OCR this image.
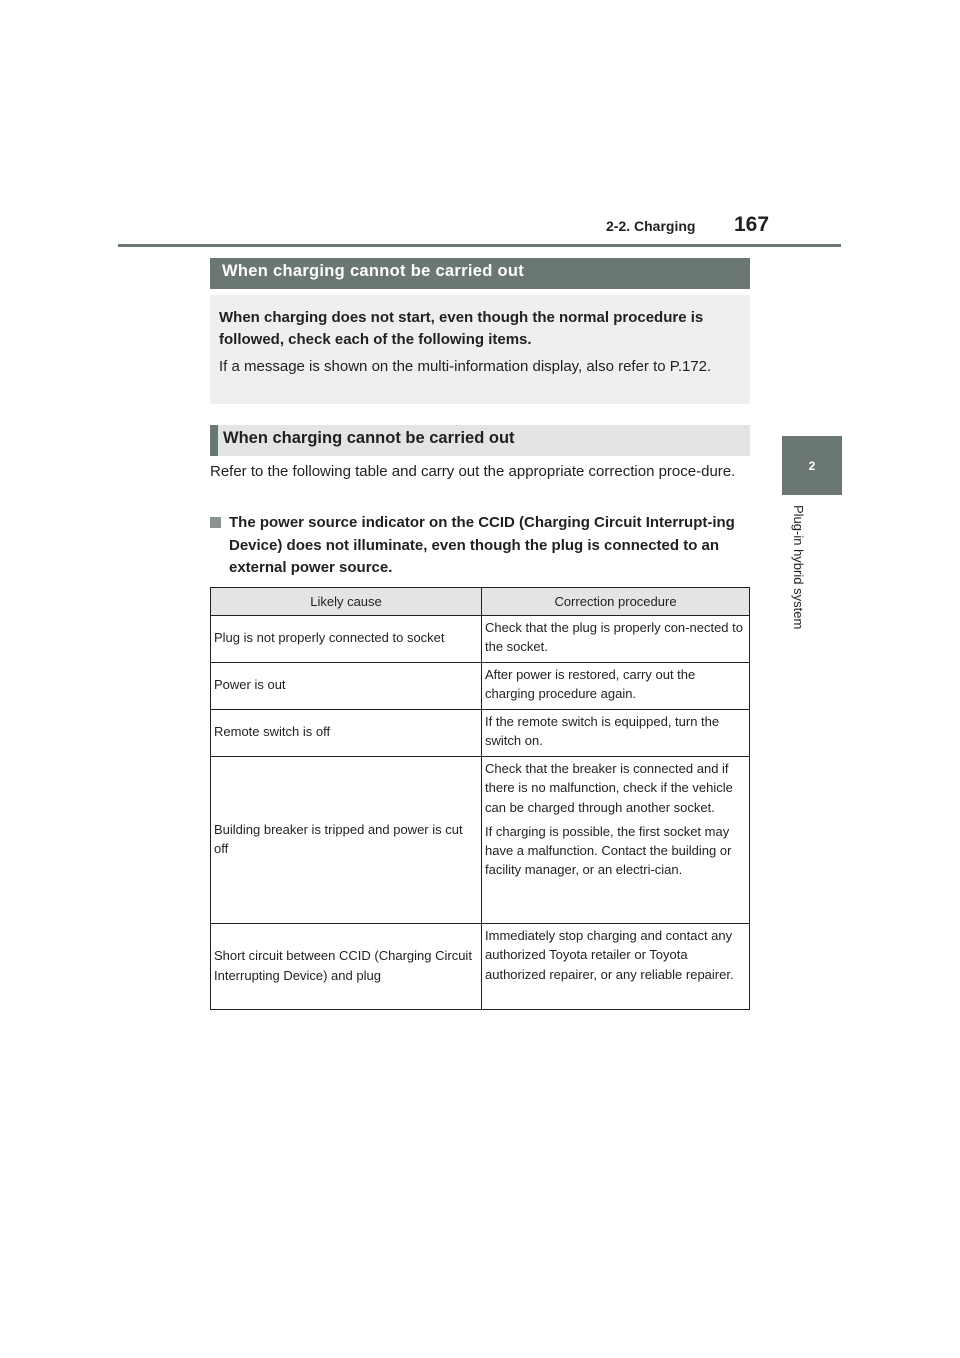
2-2. Charging 167
2
Plug-in hybrid system
When charging cannot be carried out

When charging does not start, even though the normal procedure is followed, check each of the following items.

If a message is shown on the multi-information display, also refer to P.172.

When charging cannot be carried out

Refer to the following table and carry out the appropriate correction proce-dure.

The power source indicator on the CCID (Charging Circuit Interrupt-ing Device) does not illuminate, even though the plug is connected to an external power source.
Likely cause	Correction procedure
Plug is not properly connected to socket	Check that the plug is properly con-nected to the socket.

Power is out	After power is restored, carry out the charging procedure again.

Remote switch is off	If the remote switch is equipped, turn the switch on.

Building breaker is tripped and power is cut off	Check that the breaker is connected and if there is no malfunction, check if the vehicle can be charged through another socket.

If charging is possible, the first socket may have a malfunction. Contact the building or facility manager, or an electri-cian.

Short circuit between CCID (Charging Circuit Interrupting Device) and plug	Immediately stop charging and contact any authorized Toyota retailer or Toyota authorized repairer, or any reliable repairer.
